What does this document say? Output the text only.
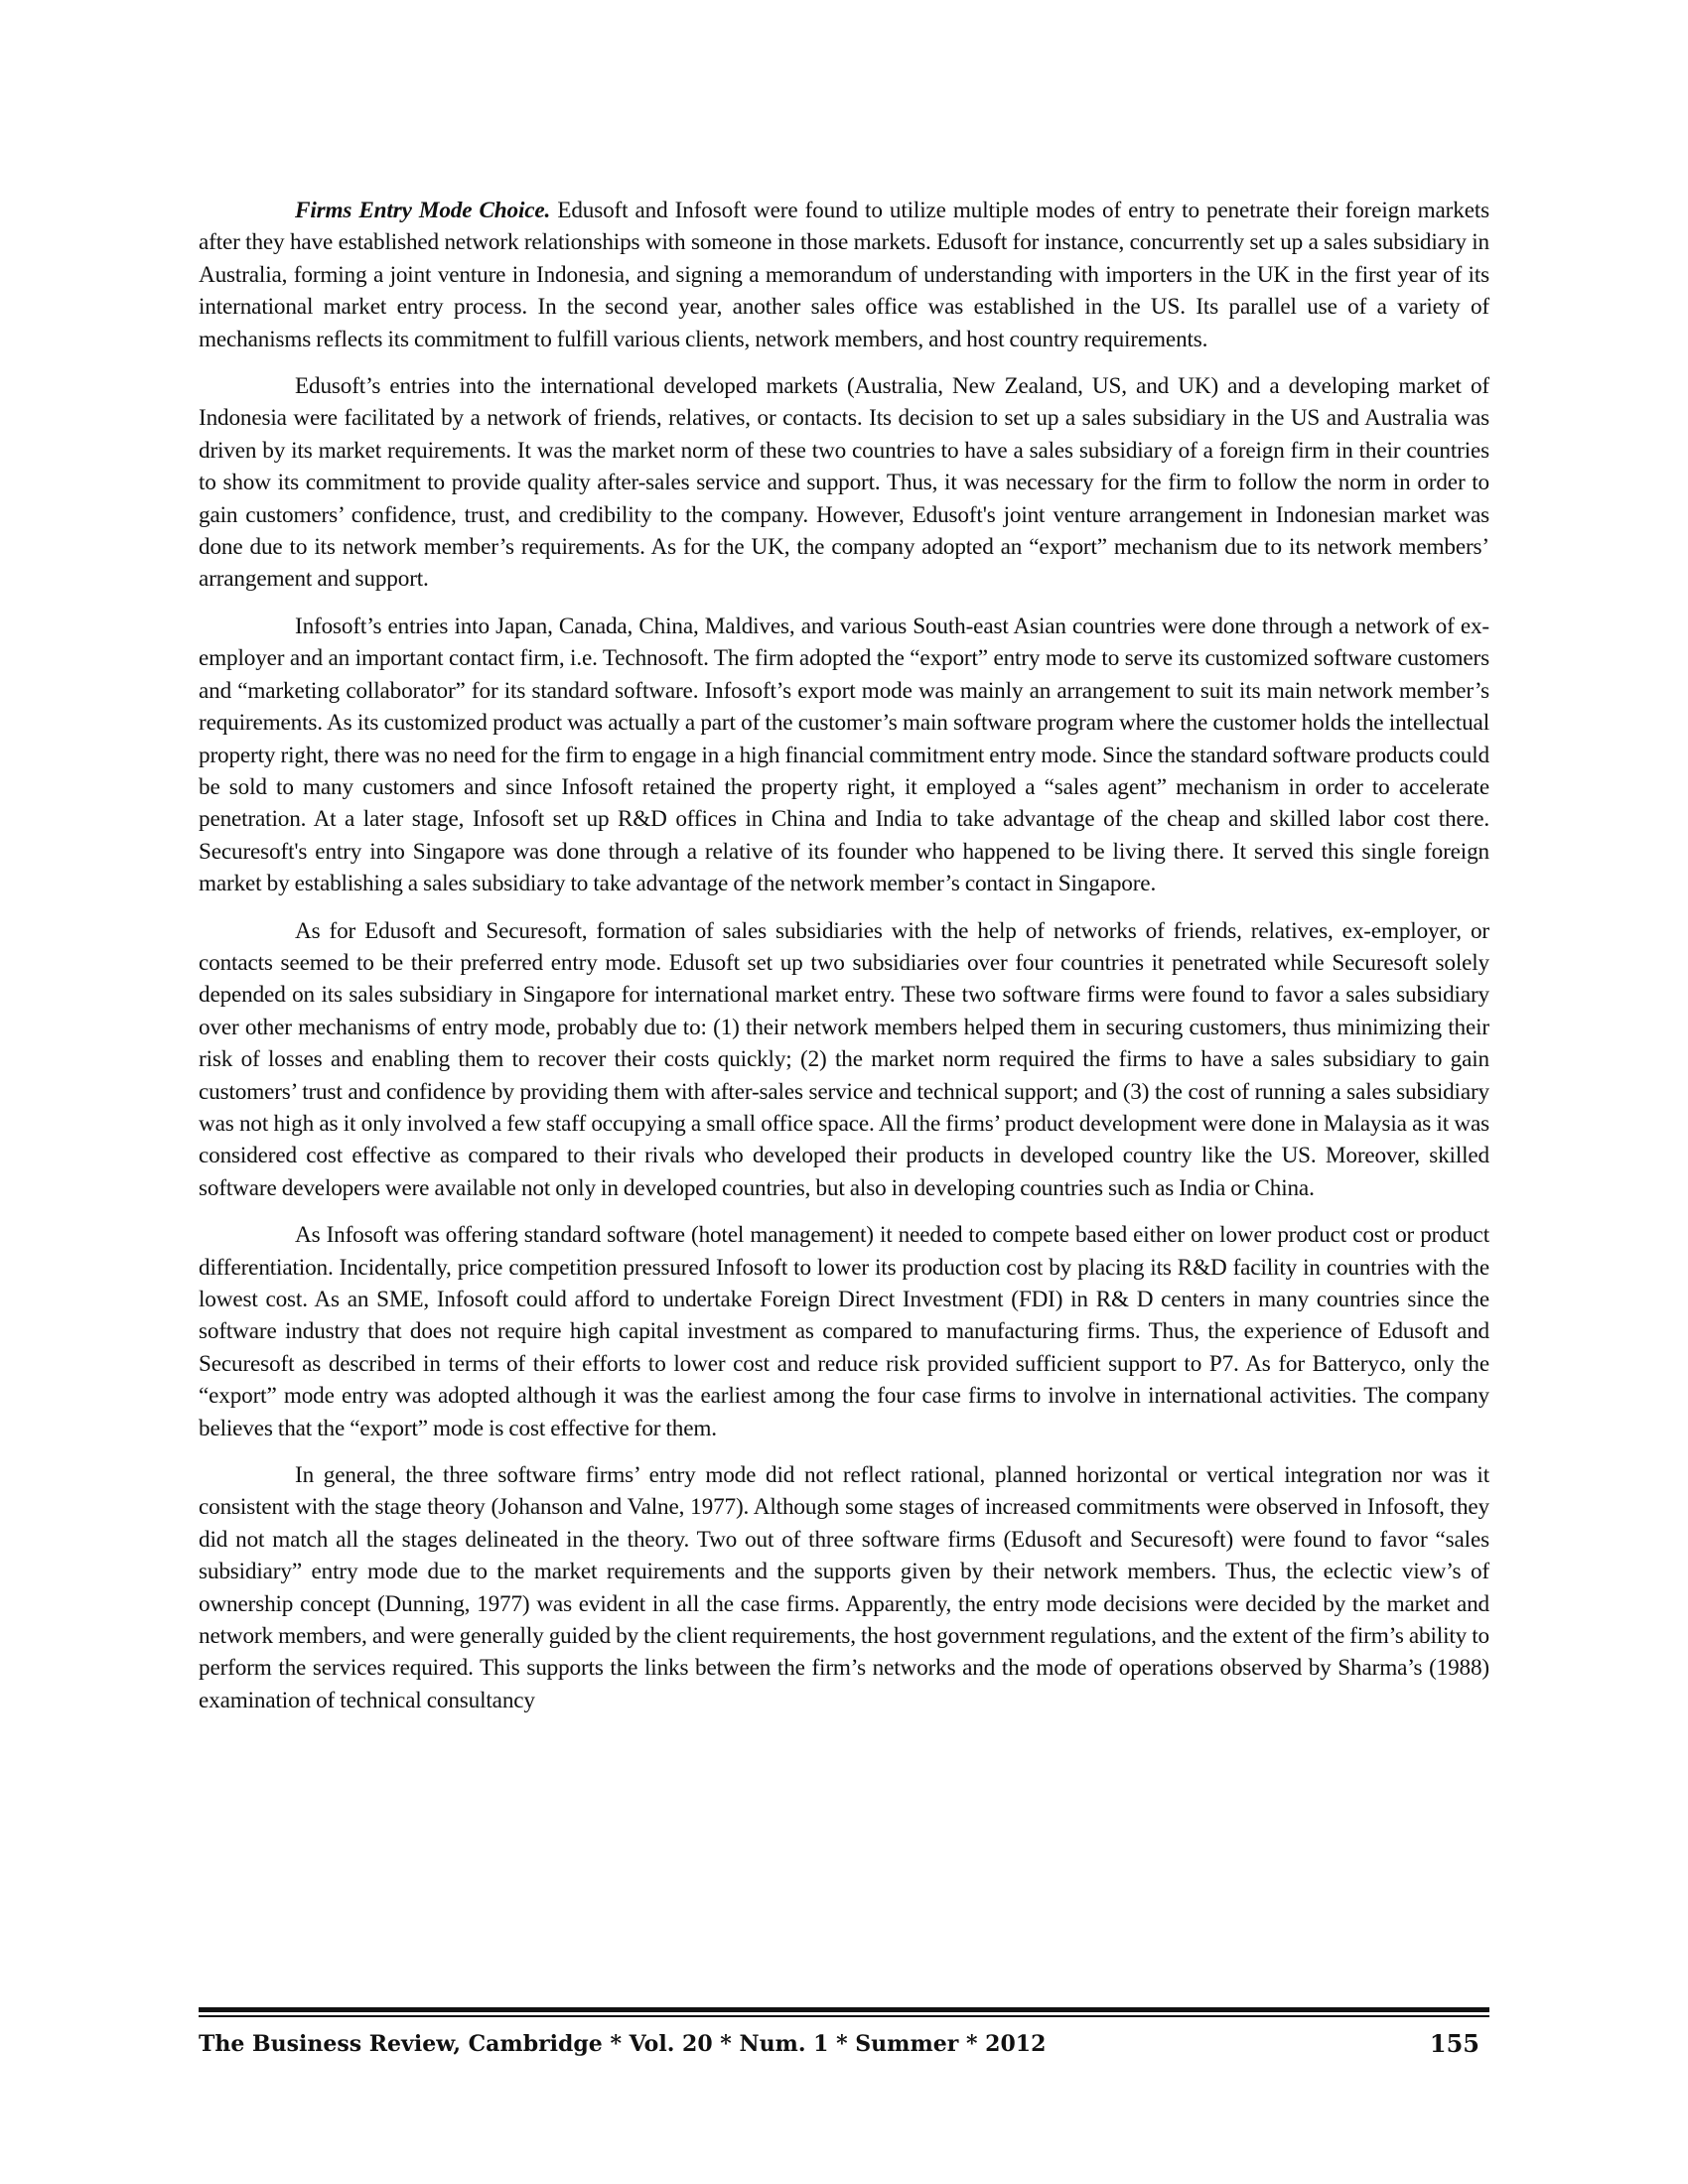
Firms Entry Mode Choice. Edusoft and Infosoft were found to utilize multiple modes of entry to penetrate their foreign markets after they have established network relationships with someone in those markets. Edusoft for instance, concurrently set up a sales subsidiary in Australia, forming a joint venture in Indonesia, and signing a memorandum of understanding with importers in the UK in the first year of its international market entry process. In the second year, another sales office was established in the US. Its parallel use of a variety of mechanisms reflects its commitment to fulfill various clients, network members, and host country requirements.

Edusoft’s entries into the international developed markets (Australia, New Zealand, US, and UK) and a developing market of Indonesia were facilitated by a network of friends, relatives, or contacts. Its decision to set up a sales subsidiary in the US and Australia was driven by its market requirements. It was the market norm of these two countries to have a sales subsidiary of a foreign firm in their countries to show its commitment to provide quality after-sales service and support. Thus, it was necessary for the firm to follow the norm in order to gain customers’ confidence, trust, and credibility to the company. However, Edusoft's joint venture arrangement in Indonesian market was done due to its network member’s requirements. As for the UK, the company adopted an “export” mechanism due to its network members’ arrangement and support.

Infosoft’s entries into Japan, Canada, China, Maldives, and various South-east Asian countries were done through a network of ex-employer and an important contact firm, i.e. Technosoft. The firm adopted the “export” entry mode to serve its customized software customers and “marketing collaborator” for its standard software. Infosoft’s export mode was mainly an arrangement to suit its main network member’s requirements. As its customized product was actually a part of the customer’s main software program where the customer holds the intellectual property right, there was no need for the firm to engage in a high financial commitment entry mode. Since the standard software products could be sold to many customers and since Infosoft retained the property right, it employed a “sales agent” mechanism in order to accelerate penetration. At a later stage, Infosoft set up R&D offices in China and India to take advantage of the cheap and skilled labor cost there. Securesoft's entry into Singapore was done through a relative of its founder who happened to be living there. It served this single foreign market by establishing a sales subsidiary to take advantage of the network member’s contact in Singapore.

As for Edusoft and Securesoft, formation of sales subsidiaries with the help of networks of friends, relatives, ex-employer, or contacts seemed to be their preferred entry mode. Edusoft set up two subsidiaries over four countries it penetrated while Securesoft solely depended on its sales subsidiary in Singapore for international market entry. These two software firms were found to favor a sales subsidiary over other mechanisms of entry mode, probably due to: (1) their network members helped them in securing customers, thus minimizing their risk of losses and enabling them to recover their costs quickly; (2) the market norm required the firms to have a sales subsidiary to gain customers’ trust and confidence by providing them with after-sales service and technical support; and (3) the cost of running a sales subsidiary was not high as it only involved a few staff occupying a small office space. All the firms’ product development were done in Malaysia as it was considered cost effective as compared to their rivals who developed their products in developed country like the US. Moreover, skilled software developers were available not only in developed countries, but also in developing countries such as India or China.

As Infosoft was offering standard software (hotel management) it needed to compete based either on lower product cost or product differentiation. Incidentally, price competition pressured Infosoft to lower its production cost by placing its R&D facility in countries with the lowest cost. As an SME, Infosoft could afford to undertake Foreign Direct Investment (FDI) in R& D centers in many countries since the software industry that does not require high capital investment as compared to manufacturing firms. Thus, the experience of Edusoft and Securesoft as described in terms of their efforts to lower cost and reduce risk provided sufficient support to P7. As for Batteryco, only the “export” mode entry was adopted although it was the earliest among the four case firms to involve in international activities. The company believes that the “export” mode is cost effective for them.

In general, the three software firms’ entry mode did not reflect rational, planned horizontal or vertical integration nor was it consistent with the stage theory (Johanson and Valne, 1977). Although some stages of increased commitments were observed in Infosoft, they did not match all the stages delineated in the theory. Two out of three software firms (Edusoft and Securesoft) were found to favor “sales subsidiary” entry mode due to the market requirements and the supports given by their network members. Thus, the eclectic view’s of ownership concept (Dunning, 1977) was evident in all the case firms. Apparently, the entry mode decisions were decided by the market and network members, and were generally guided by the client requirements, the host government regulations, and the extent of the firm’s ability to perform the services required. This supports the links between the firm’s networks and the mode of operations observed by Sharma’s (1988) examination of technical consultancy

The Business Review, Cambridge * Vol. 20 * Num. 1 * Summer * 2012	155
